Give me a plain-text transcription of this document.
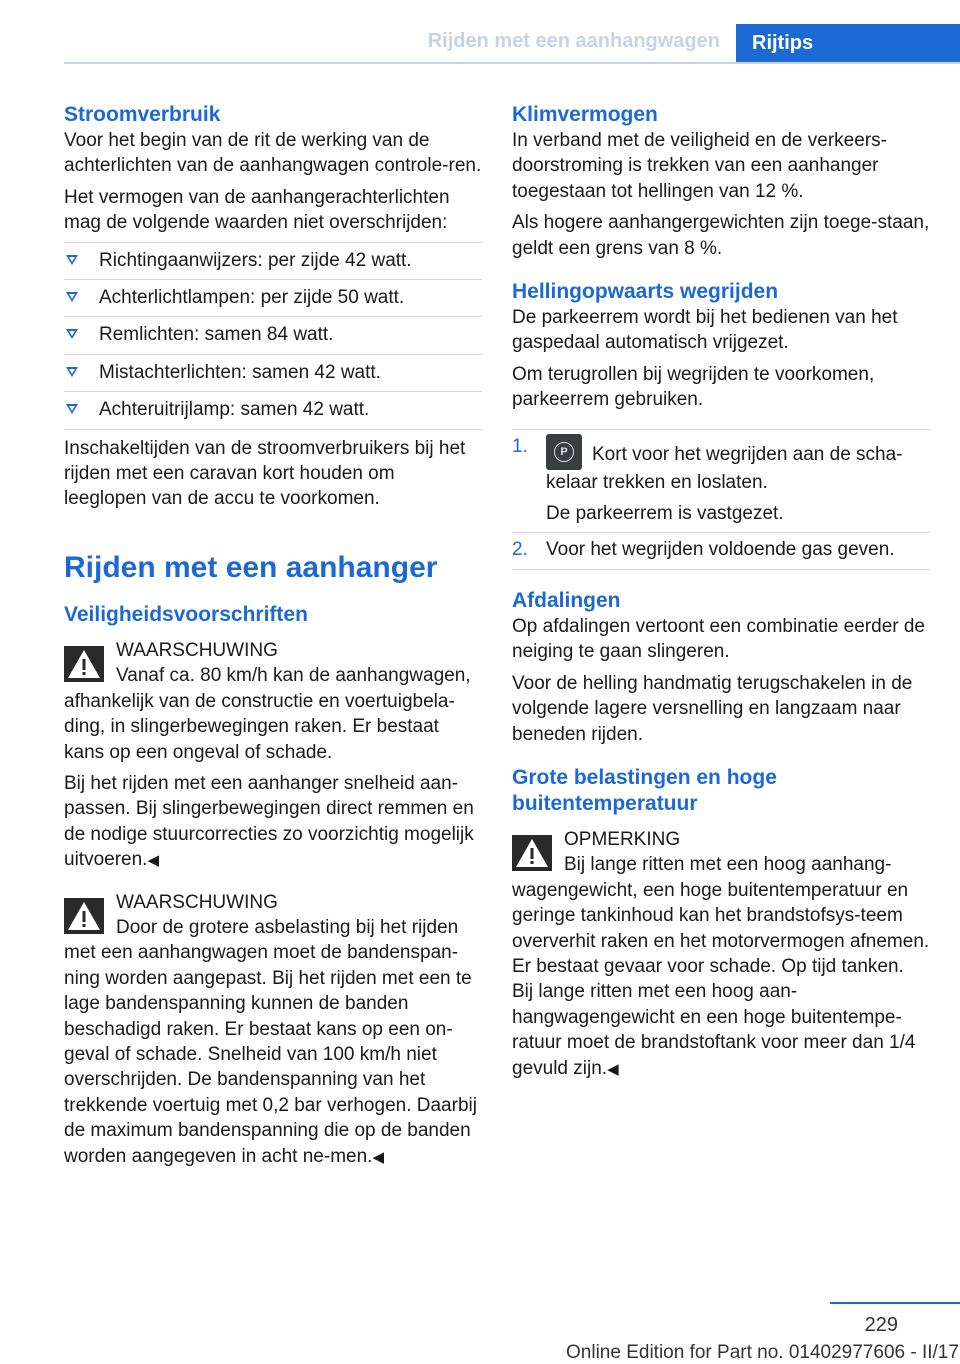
Rijden met een aanhangwagen	Rijtips
Stroomverbruik

Voor het begin van de rit de werking van de achterlichten van de aanhangwagen controle-ren.

Het vermogen van de aanhangerachterlichten mag de volgende waarden niet overschrijden:

Richtingaanwijzers: per zijde 42 watt.
Achterlichtlampen: per zijde 50 watt.
Remlichten: samen 84 watt.
Mistachterlichten: samen 42 watt.
Achteruitrijlamp: samen 42 watt.

Inschakeltijden van de stroomverbruikers bij het rijden met een caravan kort houden om leeglopen van de accu te voorkomen.

Rijden met een aanhanger
Veiligheidsvoorschriften
WAARSCHUWING

Vanaf ca. 80 km/h kan de aanhangwagen, afhankelijk van de constructie en voertuigbela-ding, in slingerbewegingen raken. Er bestaat kans op een ongeval of schade.

Bij het rijden met een aanhanger snelheid aan-passen. Bij slingerbewegingen direct remmen en de nodige stuurcorrecties zo voorzichtig mogelijk uitvoeren.◀

WAARSCHUWING

Door de grotere asbelasting bij het rijden met een aanhangwagen moet de bandenspan-ning worden aangepast. Bij het rijden met een te lage bandenspanning kunnen de banden beschadigd raken. Er bestaat kans op een on-geval of schade. Snelheid van 100 km/h niet overschrijden. De bandenspanning van het trekkende voertuig met 0,2 bar verhogen. Daarbij de maximum bandenspanning die op de banden worden aangegeven in acht ne-men.◀

Klimvermogen

In verband met de veiligheid en de verkeers-doorstroming is trekken van een aanhanger toegestaan tot hellingen van 12 %.

Als hogere aanhangergewichten zijn toege-staan, geldt een grens van 8 %.

Hellingopwaarts wegrijden

De parkeerrem wordt bij het bedienen van het gaspedaal automatisch vrijgezet.

Om terugrollen bij wegrijden te voorkomen, parkeerrem gebruiken.

1.	P	Kort voor het wegrijden aan de scha-kelaar trekken en loslaten.
De parkeerrem is vastgezet.
2. Voor het wegrijden voldoende gas geven.
Afdalingen

Op afdalingen vertoont een combinatie eerder de neiging te gaan slingeren.

Voor de helling handmatig terugschakelen in de volgende lagere versnelling en langzaam naar beneden rijden.

Grote belastingen en hoge buitentemperatuur
OPMERKING

Bij lange ritten met een hoog aanhang-wagengewicht, een hoge buitentemperatuur en geringe tankinhoud kan het brandstofsys-teem oververhit raken en het motorvermogen afnemen. Er bestaat gevaar voor schade. Op tijd tanken. Bij lange ritten met een hoog aan-hangwagengewicht en een hoge buitentempe-ratuur moet de brandstoftank voor meer dan 1/4 gevuld zijn.◀

229
Online Edition for Part no. 01402977606 - II/17
